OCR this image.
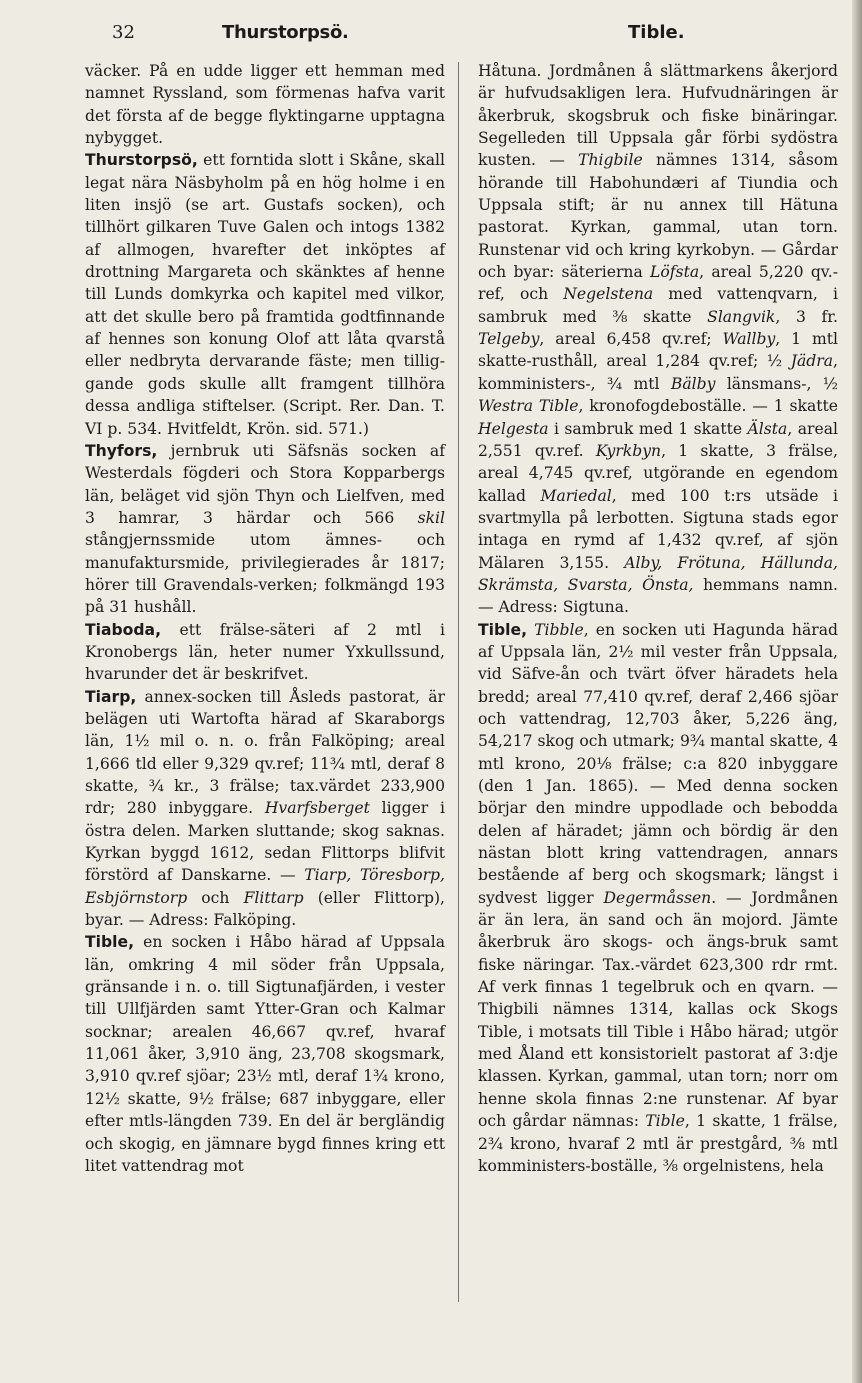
32	Thurstorpsö.	Tible.

väcker. På en udde ligger ett hemman med namnet Ryssland, som förmenas hafva varit det första af de begge flyktingarne upptagna nybygget.

Thurstorpsö, ett forntida slott i Skåne, skall legat nära Näsbyholm på en hög holme i en liten insjö (se art. Gustafs socken), och tillhört gilkaren Tuve Galen och intogs 1382 af allmogen, hvarefter det inköptes af drottning Margareta och skänktes af henne till Lunds domkyrka och kapitel med vilkor, att det skulle bero på framtida godtfinnande af hennes son konung Olof att låta qvarstå eller nedbryta dervarande fäste; men tillig-gande gods skulle allt framgent tillhöra dessa andliga stiftelser. (Script. Rer. Dan. T. VI p. 534. Hvitfeldt, Krön. sid. 571.)

Thyfors, jernbruk uti Säfsnäs socken af Westerdals fögderi och Stora Kopparbergs län, beläget vid sjön Thyn och Lielfven, med 3 hamrar, 3 härdar och 566 skil stångjernssmide utom ämnes- och manufaktursmide, privilegierades år 1817; hörer till Gravendals-verken; folkmängd 193 på 31 hushåll.

Tiaboda, ett frälse-säteri af 2 mtl i Kronobergs län, heter numer Yxkullssund, hvarunder det är beskrifvet.

Tiarp, annex-socken till Åsleds pastorat, är belägen uti Wartofta härad af Skaraborgs län, 1½ mil o. n. o. från Falköping; areal 1,666 tld eller 9,329 qv.ref; 11¾ mtl, deraf 8 skatte, ¾ kr., 3 frälse; tax.värdet 233,900 rdr; 280 inbyggare. Hvarfsberget ligger i östra delen. Marken sluttande; skog saknas. Kyrkan byggd 1612, sedan Flittorps blifvit förstörd af Danskarne. — Tiarp, Töresborp, Esbjörnstorp och Flittarp (eller Flittorp), byar. — Adress: Falköping.

Tible, en socken i Håbo härad af Uppsala län, omkring 4 mil söder från Uppsala, gränsande i n. o. till Sigtunafjärden, i vester till Ullfjärden samt Ytter-Gran och Kalmar socknar; arealen 46,667 qv.ref, hvaraf 11,061 åker, 3,910 äng, 23,708 skogsmark, 3,910 qv.ref sjöar; 23½ mtl, deraf 1¾ krono, 12½ skatte, 9½ frälse; 687 inbyggare, eller efter mtls-längden 739. En del är bergländig och skogig, en jämnare bygd finnes kring ett litet vattendrag mot

Håtuna. Jordmånen å slättmarkens åkerjord är hufvudsakligen lera. Hufvudnäringen är åkerbruk, skogsbruk och fiske binäringar. Segelleden till Uppsala går förbi sydöstra kusten. — Thigbile nämnes 1314, såsom hörande till Habohundæri af Tiundia och Uppsala stift; är nu annex till Hätuna pastorat. Kyrkan, gammal, utan torn. Runstenar vid och kring kyrkobyn. — Gårdar och byar: säterierna Löfsta, areal 5,220 qv.-ref, och Negelstena med vattenqvarn, i sambruk med ⅜ skatte Slangvik, 3 fr. Telgeby, areal 6,458 qv.ref; Wallby, 1 mtl skatte-rusthåll, areal 1,284 qv.ref; ½ Jädra, komministers-, ¾ mtl Bälby länsmans-, ½ Westra Tible, kronofogdeboställe. — 1 skatte Helgesta i sambruk med 1 skatte Älsta, areal 2,551 qv.ref. Kyrkbyn, 1 skatte, 3 frälse, areal 4,745 qv.ref, utgörande en egendom kallad Mariedal, med 100 t:rs utsäde i svartmylla på lerbotten. Sigtuna stads egor intaga en rymd af 1,432 qv.ref, af sjön Mälaren 3,155. Alby, Frötuna, Hällunda, Skrämsta, Svarsta, Önsta, hemmans namn. — Adress: Sigtuna.

Tible, Tibble, en socken uti Hagunda härad af Uppsala län, 2½ mil vester från Uppsala, vid Säfve-ån och tvärt öfver häradets hela bredd; areal 77,410 qv.ref, deraf 2,466 sjöar och vattendrag, 12,703 åker, 5,226 äng, 54,217 skog och utmark; 9¾ mantal skatte, 4 mtl krono, 20⅛ frälse; c:a 820 inbyggare (den 1 Jan. 1865). — Med denna socken börjar den mindre uppodlade och bebodda delen af häradet; jämn och bördig är den nästan blott kring vattendragen, annars bestående af berg och skogsmark; längst i sydvest ligger Degermåssen. — Jordmånen är än lera, än sand och än mojord. Jämte åkerbruk äro skogs- och ängs-bruk samt fiske näringar. Tax.-värdet 623,300 rdr rmt. Af verk finnas 1 tegelbruk och en qvarn. — Thigbili nämnes 1314, kallas ock Skogs Tible, i motsats till Tible i Håbo härad; utgör med Åland ett konsistorielt pastorat af 3:dje klassen. Kyrkan, gammal, utan torn; norr om henne skola finnas 2:ne runstenar. Af byar och gårdar nämnas: Tible, 1 skatte, 1 frälse, 2¾ krono, hvaraf 2 mtl är prestgård, ⅜ mtl komministers-boställe, ⅜ orgelnistens, hela
